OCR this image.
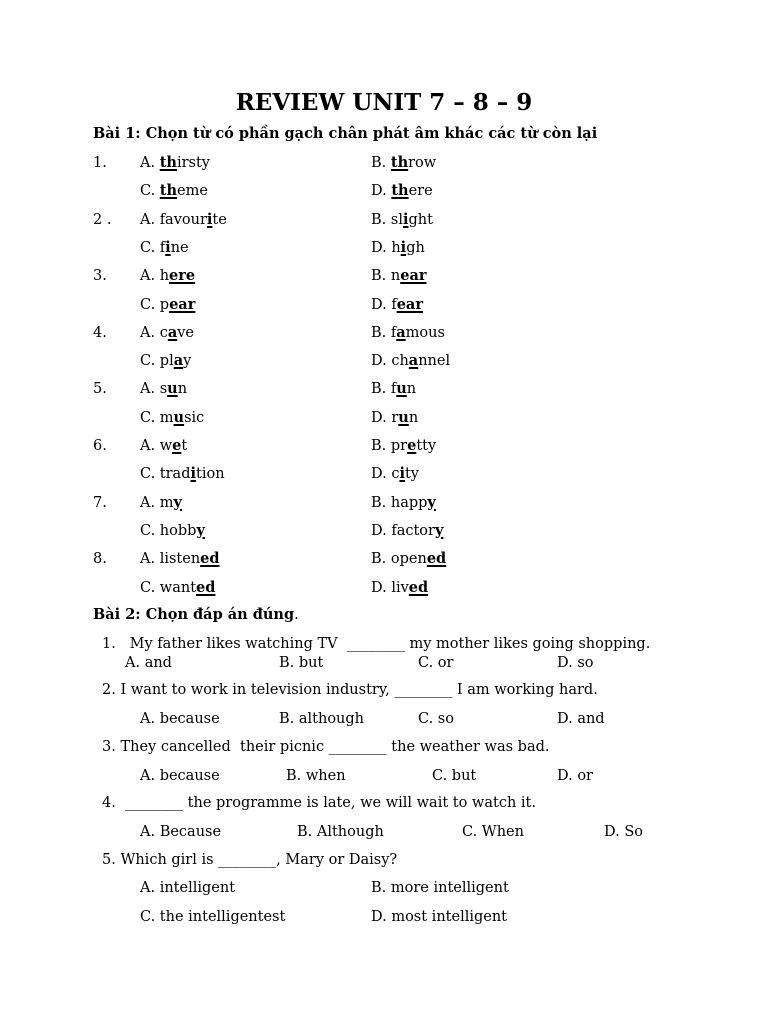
REVIEW UNIT 7 – 8 – 9
Bài 1: Chọn từ có phần gạch chân phát âm khác các từ còn lại
1. A. thirsty	B. throw
C. theme	D. there
2 . A. favourite	B. slight
C. fine	D. high
3. A. here	B. near
C. pear	D. fear
4. A. cave	B. famous
C. play	D. channel
5. A. sun	B. fun
C. music	D. run
6. A. wet	B. pretty
C. tradition	D. city
7. A. my	B. happy
C. hobby	D. factory
8. A. listened	B. opened
C. wanted	D. lived
Bài 2: Chọn đáp án đúng.
1.   My father likes watching TV  ________ my mother likes going shopping.
A. and	B. but	C. or	D. so
2. I want to work in television industry, ________ I am working hard.
A. because	B. although	C. so	D. and
3. They cancelled  their picnic ________ the weather was bad.
A. because	B. when	C. but	D. or
4.  ________ the programme is late, we will wait to watch it.
A. Because	B. Although	C. When	D. So
5. Which girl is ________, Mary or Daisy?
A. intelligent	B. more intelligent
C. the intelligentest	D. most intelligent
